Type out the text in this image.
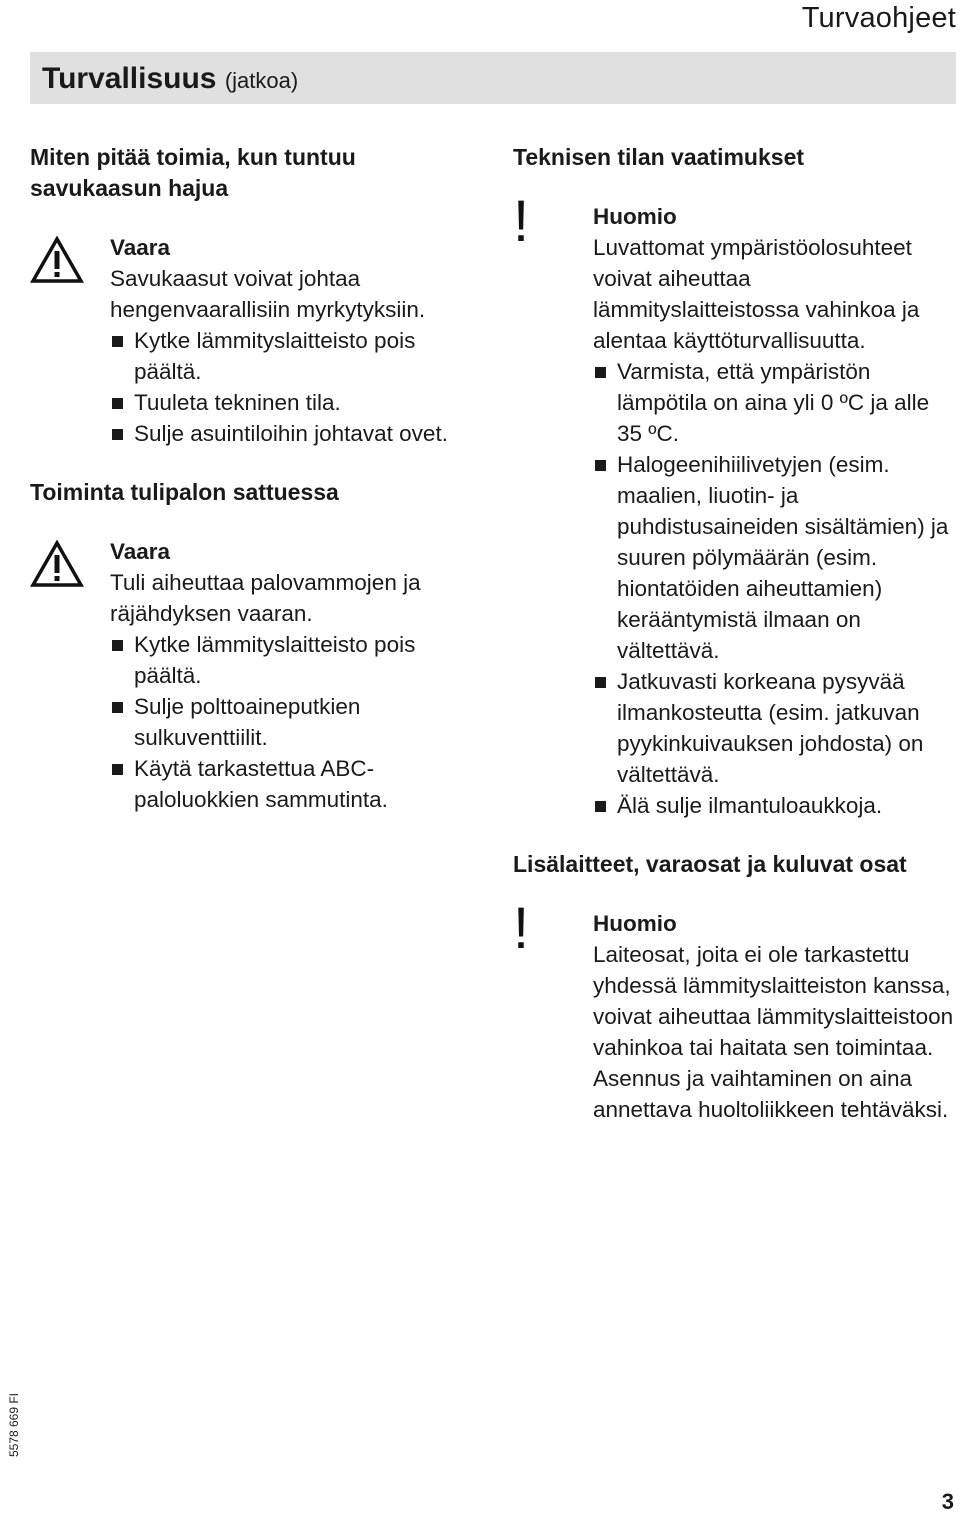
Turvaohjeet
Turvallisuus (jatkoa)

Miten pitää toimia, kun tuntuu savukaasun hajua

Vaara
Savukaasut voivat johtaa hengenvaarallisiin myrkytyksiin.
Kytke lämmityslaitteisto pois päältä.
Tuuleta tekninen tila.
Sulje asuintiloihin johtavat ovet.

Toiminta tulipalon sattuessa

Vaara
Tuli aiheuttaa palovammojen ja räjähdyksen vaaran.
Kytke lämmityslaitteisto pois päältä.
Sulje polttoaineputkien sulkuventtiilit.
Käytä tarkastettua ABC-paloluokkien sammutinta.

Teknisen tilan vaatimukset

!	Huomio
Luvattomat ympäristöolosuhteet voivat aiheuttaa lämmityslaitteistossa vahinkoa ja alentaa käyttöturvallisuutta.
Varmista, että ympäristön lämpötila on aina yli 0 ºC ja alle 35 ºC.
Halogeenihiilivetyjen (esim. maalien, liuotin- ja puhdistusaineiden sisältämien) ja suuren pölymäärän (esim. hiontatöiden aiheuttamien) kerääntymistä ilmaan on vältettävä.
Jatkuvasti korkeana pysyvää ilmankosteutta (esim. jatkuvan pyykinkuivauksen johdosta) on vältettävä.
Älä sulje ilmantuloaukkoja.

Lisälaitteet, varaosat ja kuluvat osat

!	Huomio
Laiteosat, joita ei ole tarkastettu yhdessä lämmityslaitteiston kanssa, voivat aiheuttaa lämmityslaitteistoon vahinkoa tai haitata sen toimintaa.
Asennus ja vaihtaminen on aina annettava huoltoliikkeen tehtäväksi.
5578 669 FI
3
